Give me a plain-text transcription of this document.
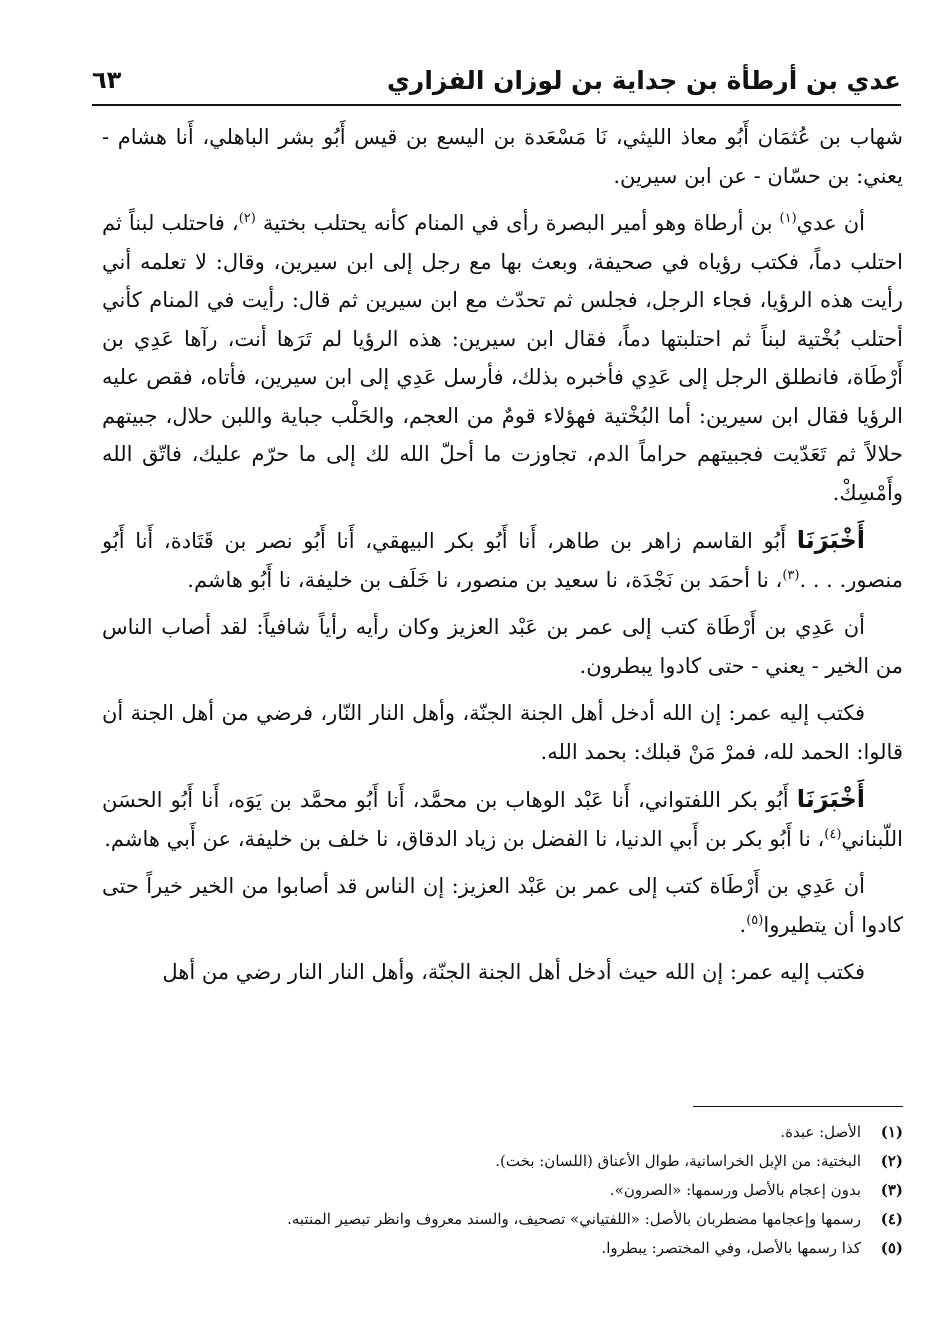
عدي بن أرطأة بن جداية بن لوزان الفزاري
٦٣

شهاب بن عُثمَان أَبُو معاذ الليثي، نَا مَسْعَدة بن اليسع بن قيس أَبُو بشر الباهلي، أَنا هشام - يعني: بن حسّان - عن ابن سيرين.

أن عدي$^{(١)}$ بن أرطاة وهو أمير البصرة رأى في المنام كأنه يحتلب بختية $^{(٢)}$، فاحتلب لبناً ثم احتلب دماً، فكتب رؤياه في صحيفة، وبعث بها مع رجل إلى ابن سيرين، وقال: لا تعلمه أني رأيت هذه الرؤيا، فجاء الرجل، فجلس ثم تحدّث مع ابن سيرين ثم قال: رأيت في المنام كأني أحتلب بُخْتية لبناً ثم احتلبتها دماً، فقال ابن سيرين: هذه الرؤيا لم تَرَها أنت، رآها عَدِي بن أَرْطَاة، فانطلق الرجل إلى عَدِي فأخبره بذلك، فأرسل عَدِي إلى ابن سيرين، فأتاه، فقص عليه الرؤيا فقال ابن سيرين: أما البُخْتية فهؤلاء قومٌ من العجم، والحَلْب جباية واللبن حلال، جبيتهم حلالاً ثم تَعَدّيت فجبيتهم حراماً الدم، تجاوزت ما أحلّ الله لك إلى ما حرّم عليك، فاتّق الله وأَمْسِكْ.

أَخْبَرَنَا أَبُو القاسم زاهر بن طاهر، أَنا أَبُو بكر البيهقي، أَنا أَبُو نصر بن قَتَادة، أَنا أَبُو منصور. . . .$^{(٣)}$، نا أحمَد بن نَجْدَة، نا سعيد بن منصور، نا خَلَف بن خليفة، نا أَبُو هاشم.

أن عَدِي بن أَرْطَاة كتب إلى عمر بن عَبْد العزيز وكان رأيه رأياً شافياً: لقد أصاب الناس من الخير - يعني - حتى كادوا يبطرون.

فكتب إليه عمر: إن الله أدخل أهل الجنة الجنّة، وأهل النار النّار، فرضي من أهل الجنة أن قالوا: الحمد لله، فمرْ مَنْ قبلك: بحمد الله.

أَخْبَرَنَا أَبُو بكر اللفتواني، أَنا عَبْد الوهاب بن محمَّد، أَنا أَبُو محمَّد بن يَوَه، أَنا أَبُو الحسَن اللّبناني$^{(٤)}$، نا أَبُو بكر بن أَبي الدنيا، نا الفضل بن زياد الدقاق، نا خلف بن خليفة، عن أَبي هاشم.

أن عَدِي بن أَرْطَاة كتب إلى عمر بن عَبْد العزيز: إن الناس قد أصابوا من الخير خيراً حتى كادوا أن يتطيروا$^{(٥)}$.

فكتب إليه عمر: إن الله حيث أدخل أهل الجنة الجنّة، وأهل النار النار رضي من أهل

(١)
الأصل: عبدة.
(٢)
البختية: من الإبل الخراسانية، طوال الأعناق (اللسان: بخت).
(٣)
بدون إعجام بالأصل ورسمها: «الصرون».
(٤)
رسمها وإعجامها مضطربان بالأصل: «اللفتياني» تصحيف، والسند معروف وانظر تبصير المنتبه.
(٥)
كذا رسمها بالأصل، وفي المختصر: يبطروا.
